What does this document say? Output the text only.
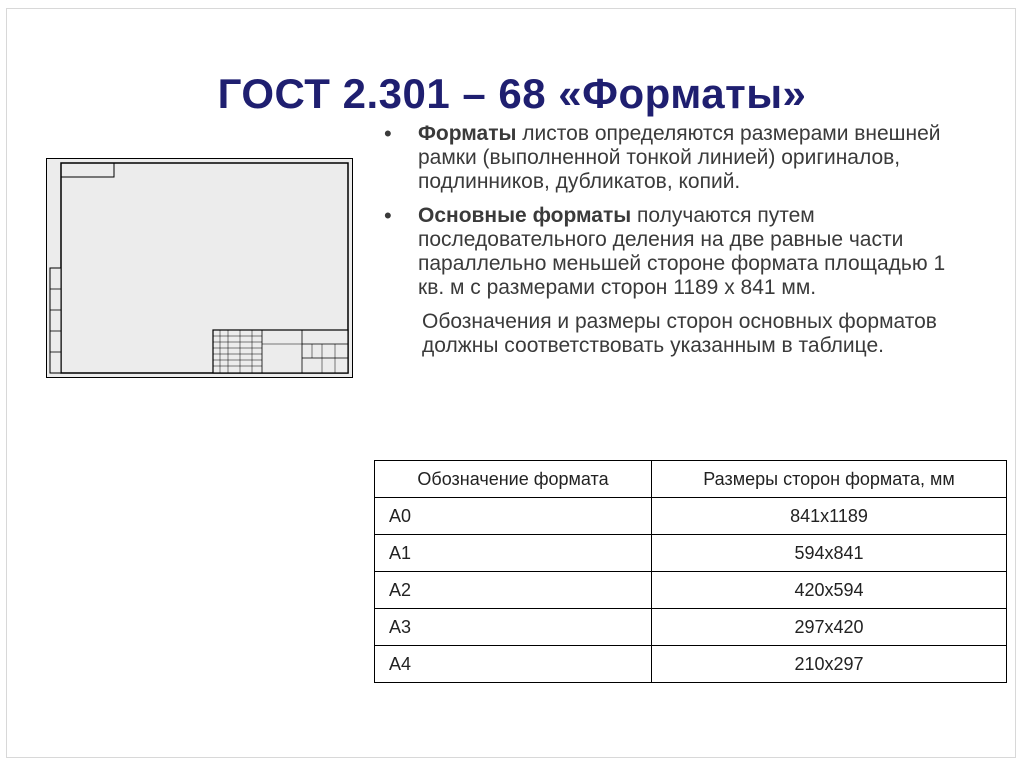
ГОСТ 2.301 – 68 «Форматы»
• Форматы листов определяются размерами внешней рамки (выполненной тонкой линией) оригиналов, подлинников, дубликатов, копий.
• Основные форматы получаются путем последовательного деления на две равные части параллельно меньшей стороне формата площадью 1 кв. м с размерами сторон 1189 x 841 мм.
Обозначения и размеры сторон основных форматов должны соответствовать указанным в таблице.
Обозначение формата	Размеры сторон формата, мм
А0	841x1189
А1	594x841
А2	420x594
А3	297x420
А4	210x297
